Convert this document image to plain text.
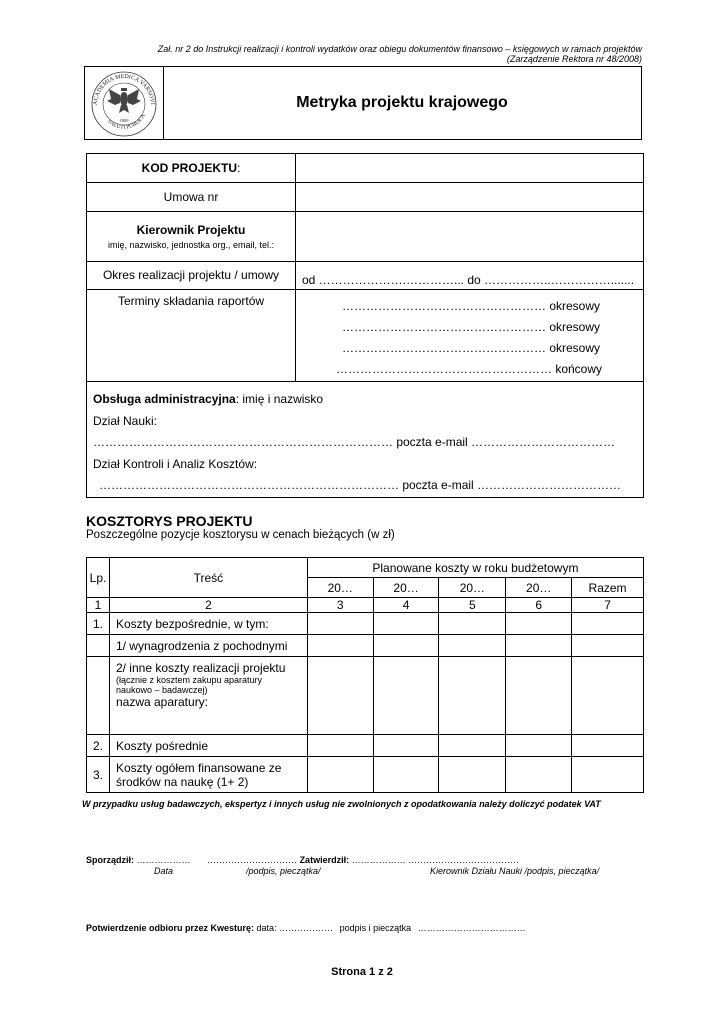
Zał. nr 2 do Instrukcji realizacji i kontroli wydatków oraz obiegu dokumentów finansowo – księgowych w ramach projektów
(Zarządzenie Rektora nr 48/2008)
ACADEMIA MEDICA VARSOVI
SALUTI PUBLICA
1809
Metryka projektu krajowego
KOD PROJEKTU:	
Umowa nr	

Kierownik Projektu
imię, nazwisko, jednostka org., email, tel.:	

Okres realizacji projektu / umowy	od ………………….…………... do ……………..…………….......
Terminy składania raportów	…………………………………………… okresowy
…………………………………………… okresowy
…………………………………………… okresowy
……………………………………………… końcowy

Obsługa administracyjna: imię i nazwisko
Dział Nauki:
………………………………………………………………… poczta e-mail ………………………………
Dział Kontroli i Analiz Kosztów:
………………………………………………………………… poczta e-mail ………………………………	
KOSZTORYS PROJEKTU
Poszczególne pozycje kosztorysu w cenach bieżących (w zł)
Lp.	Treść	Planowane koszty w roku budżetowym				
		20…	20…	20…	20…	Razem
1	2	3	4	5	6	7
1.	Koszty bezpośrednie, w tym:					
	1/ wynagrodzenia z pochodnymi					

	2/ inne koszty realizacji projektu
(łącznie z kosztem zakupu aparatury naukowo – badawczej)
nazwa aparatury:					

2.	Koszty pośrednie					
3.	Koszty ogółem finansowane ze środków na naukę (1+ 2)					
W przypadku usług badawczych, ekspertyz i innych usług nie zwolnionych z opodatkowania należy doliczyć podatek VAT
Sporządził: ……………… ………………………… Zatwierdził: ……………… ……………………………….
Data	/podpis, pieczątka/	Kierownik Działu Nauki /podpis, pieczątka/
Potwierdzenie odbioru przez Kwesturę: data: ……………… podpis i pieczątka ………………………………
Strona 1 z 2
